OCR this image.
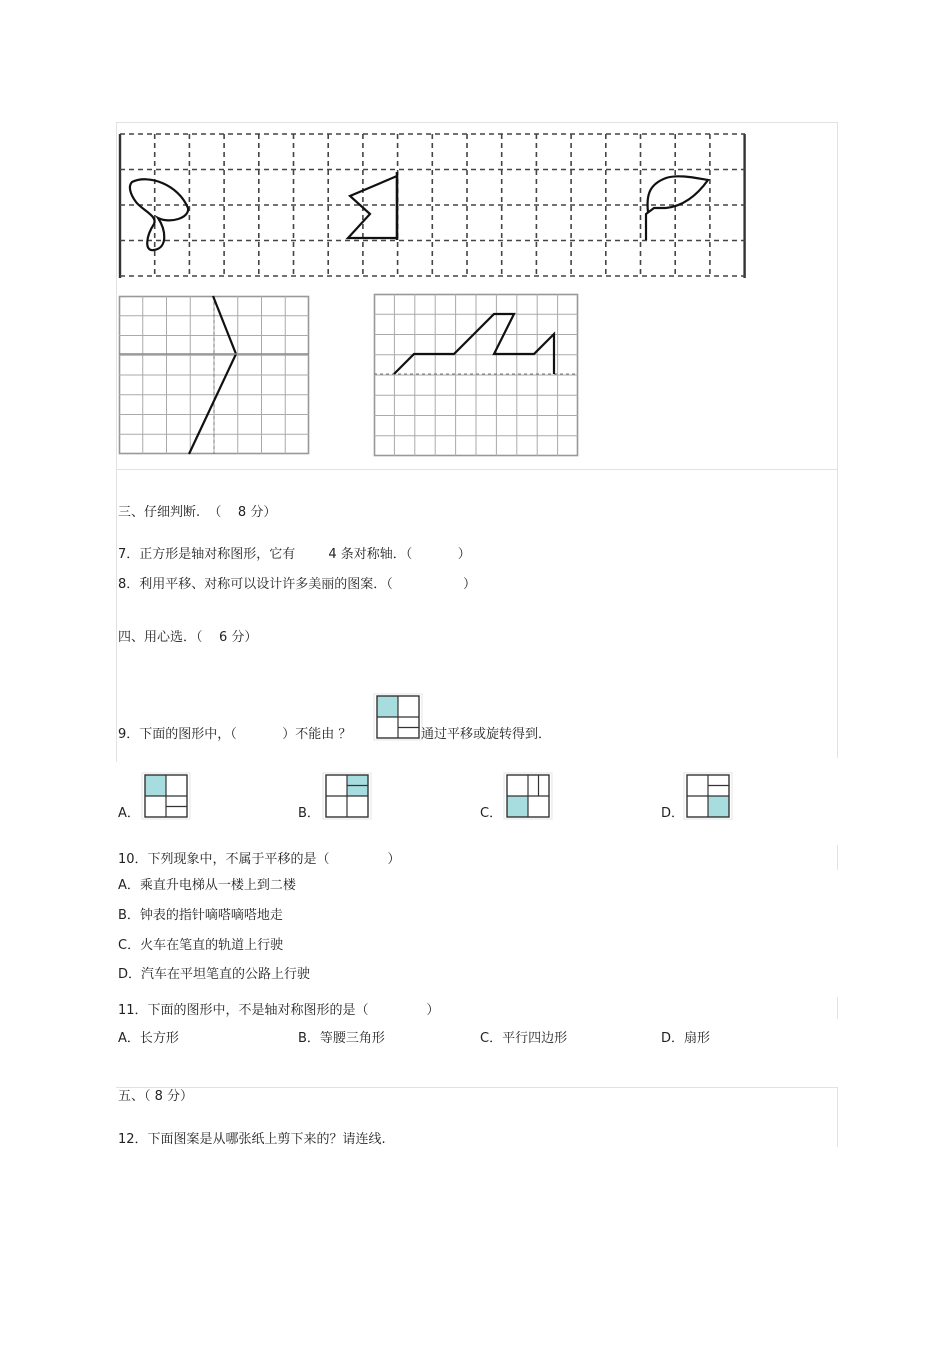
三、仔细判断.  （    8 分）
7．正方形是轴对称图形，它有        4 条对称轴．（           ）
8．利用平移、对称可以设计许多美丽的图案．（                 ）
四、用心选．（    6 分）
9．下面的图形中，（           ）不能由 ？	通过平移或旋转得到．
A．	B．	C．	D．
10．下列现象中，不属于平移的是（              ）
A．乘直升电梯从一楼上到二楼
B．钟表的指针嘀嗒嘀嗒地走
C．火车在笔直的轨道上行驶
D．汽车在平坦笔直的公路上行驶
11．下面的图形中，不是轴对称图形的是（              ）
A．长方形	B．等腰三角形	C．平行四边形	D．扇形
五、（ 8 分）
12．下面图案是从哪张纸上剪下来的？请连线.
